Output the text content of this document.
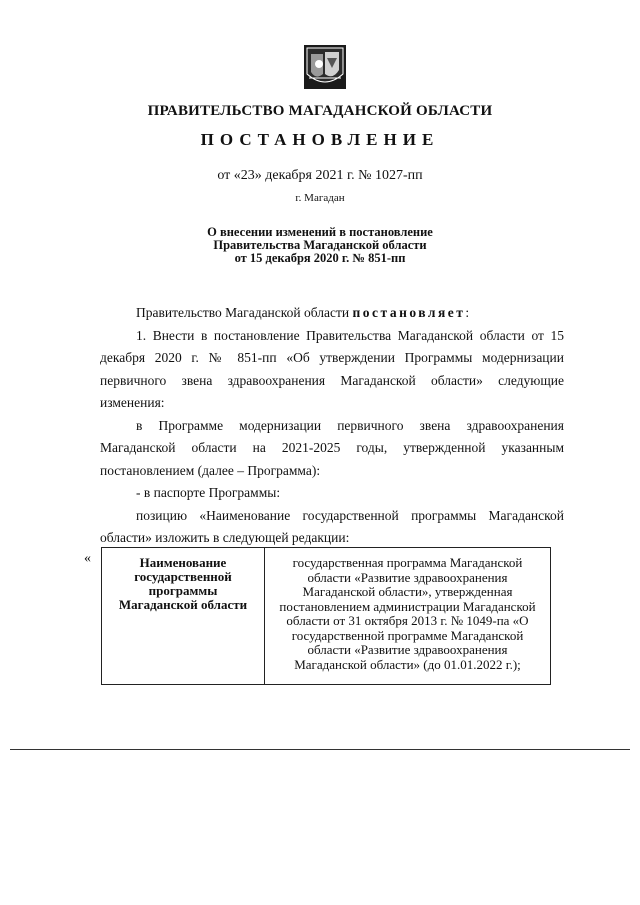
ПРАВИТЕЛЬСТВО МАГАДАНСКОЙ ОБЛАСТИ
ПОСТАНОВЛЕНИЕ
от «23» декабря 2021 г. № 1027-пп
г. Магадан
О внесении изменений в постановление
Правительства Магаданской области
от 15 декабря 2020 г. № 851-пп

Правительство Магаданской области постановляет:

1. Внести в постановление Правительства Магаданской области от 15 декабря 2020 г. № 851-пп «Об утверждении Программы модернизации первичного звена здравоохранения Магаданской области» следующие изменения:

в Программе модернизации первичного звена здравоохранения Магаданской области на 2021-2025 годы, утвержденной указанным постановлением (далее – Программа):

- в паспорте Программы:

позицию «Наименование государственной программы Магаданской области» изложить в следующей редакции:

«	Наименование государственной программы Магаданской области	государственная программа Магаданской области «Развитие здравоохранения Магаданской области», утвержденная постановлением администрации Магаданской области от 31 октября 2013 г. № 1049-па «О государственной программе Магаданской области «Развитие здравоохранения Магаданской области» (до 01.01.2022 г.);
